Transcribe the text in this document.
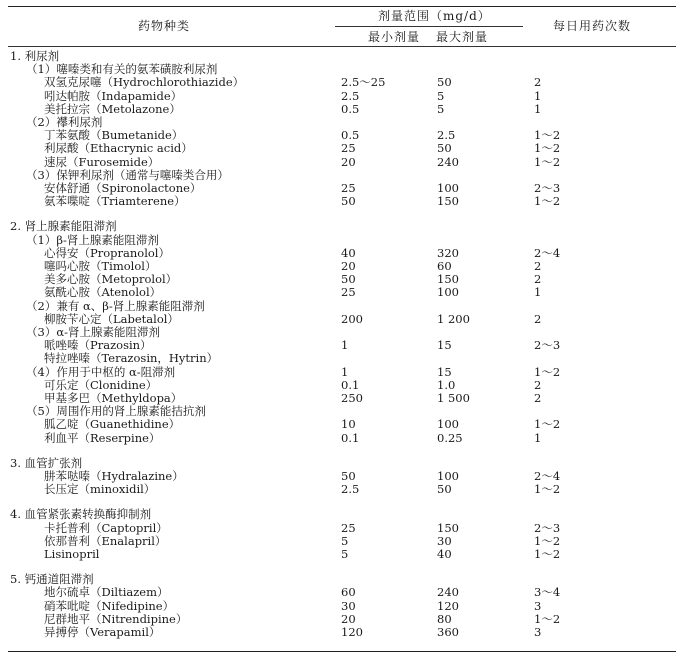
药物种类
剂量范围（mg/d）
最小剂量 最大剂量
每日用药次数
1. 利尿剂
（1）噻嗪类和有关的氨苯磺胺利尿剂
双氢克尿噻（Hydrochlorothiazide）	2.5～25	50	2
吲达帕胺（Indapamide）	2.5	5	1
美托拉宗（Metolazone）	0.5	5	1
（2）襻利尿剂
丁苯氨酸（Bumetanide）	0.5	2.5	1～2
利尿酸（Ethacrynic acid）	25	50	1～2
速尿（Furosemide）	20	240	1～2
（3）保钾利尿剂（通常与噻嗪类合用）
安体舒通（Spironolactone）	25	100	2～3
氨苯喋啶（Triamterene）	50	150	1～2
2. 肾上腺素能阻滞剂
（1）β-肾上腺素能阻滞剂
心得安（Propranolol）	40	320	2～4
噻吗心胺（Timolol）	20	60	2
美多心胺（Metoprolol）	50	150	2
氨酰心胺（Atenolol）	25	100	1
（2）兼有 α、β-肾上腺素能阻滞剂
柳胺苄心定（Labetalol）	200	1 200	2
（3）α-肾上腺素能阻滞剂
哌唑嗪（Prazosin）	1	15	2～3
特拉唑嗪（Terazosin，Hytrin）
（4）作用于中枢的 α-阻滞剂	1	15	1～2
可乐定（Clonidine）	0.1	1.0	2
甲基多巴（Methyldopa）	250	1 500	2
（5）周围作用的肾上腺素能拮抗剂
胍乙啶（Guanethidine）	10	100	1～2
利血平（Reserpine）	0.1	0.25	1
3. 血管扩张剂
肼苯哒嗪（Hydralazine）	50	100	2～4
长压定（minoxidil）	2.5	50	1～2
4. 血管紧张素转换酶抑制剂
卡托普利（Captopril）	25	150	2～3
依那普利（Enalapril）	5	30	1～2
Lisinopril	5	40	1～2
5. 钙通道阻滞剂
地尔硫卓（Diltiazem）	60	240	3～4
硝苯吡啶（Nifedipine）	30	120	3
尼群地平（Nitrendipine）	20	80	1～2
异搏停（Verapamil）	120	360	3
